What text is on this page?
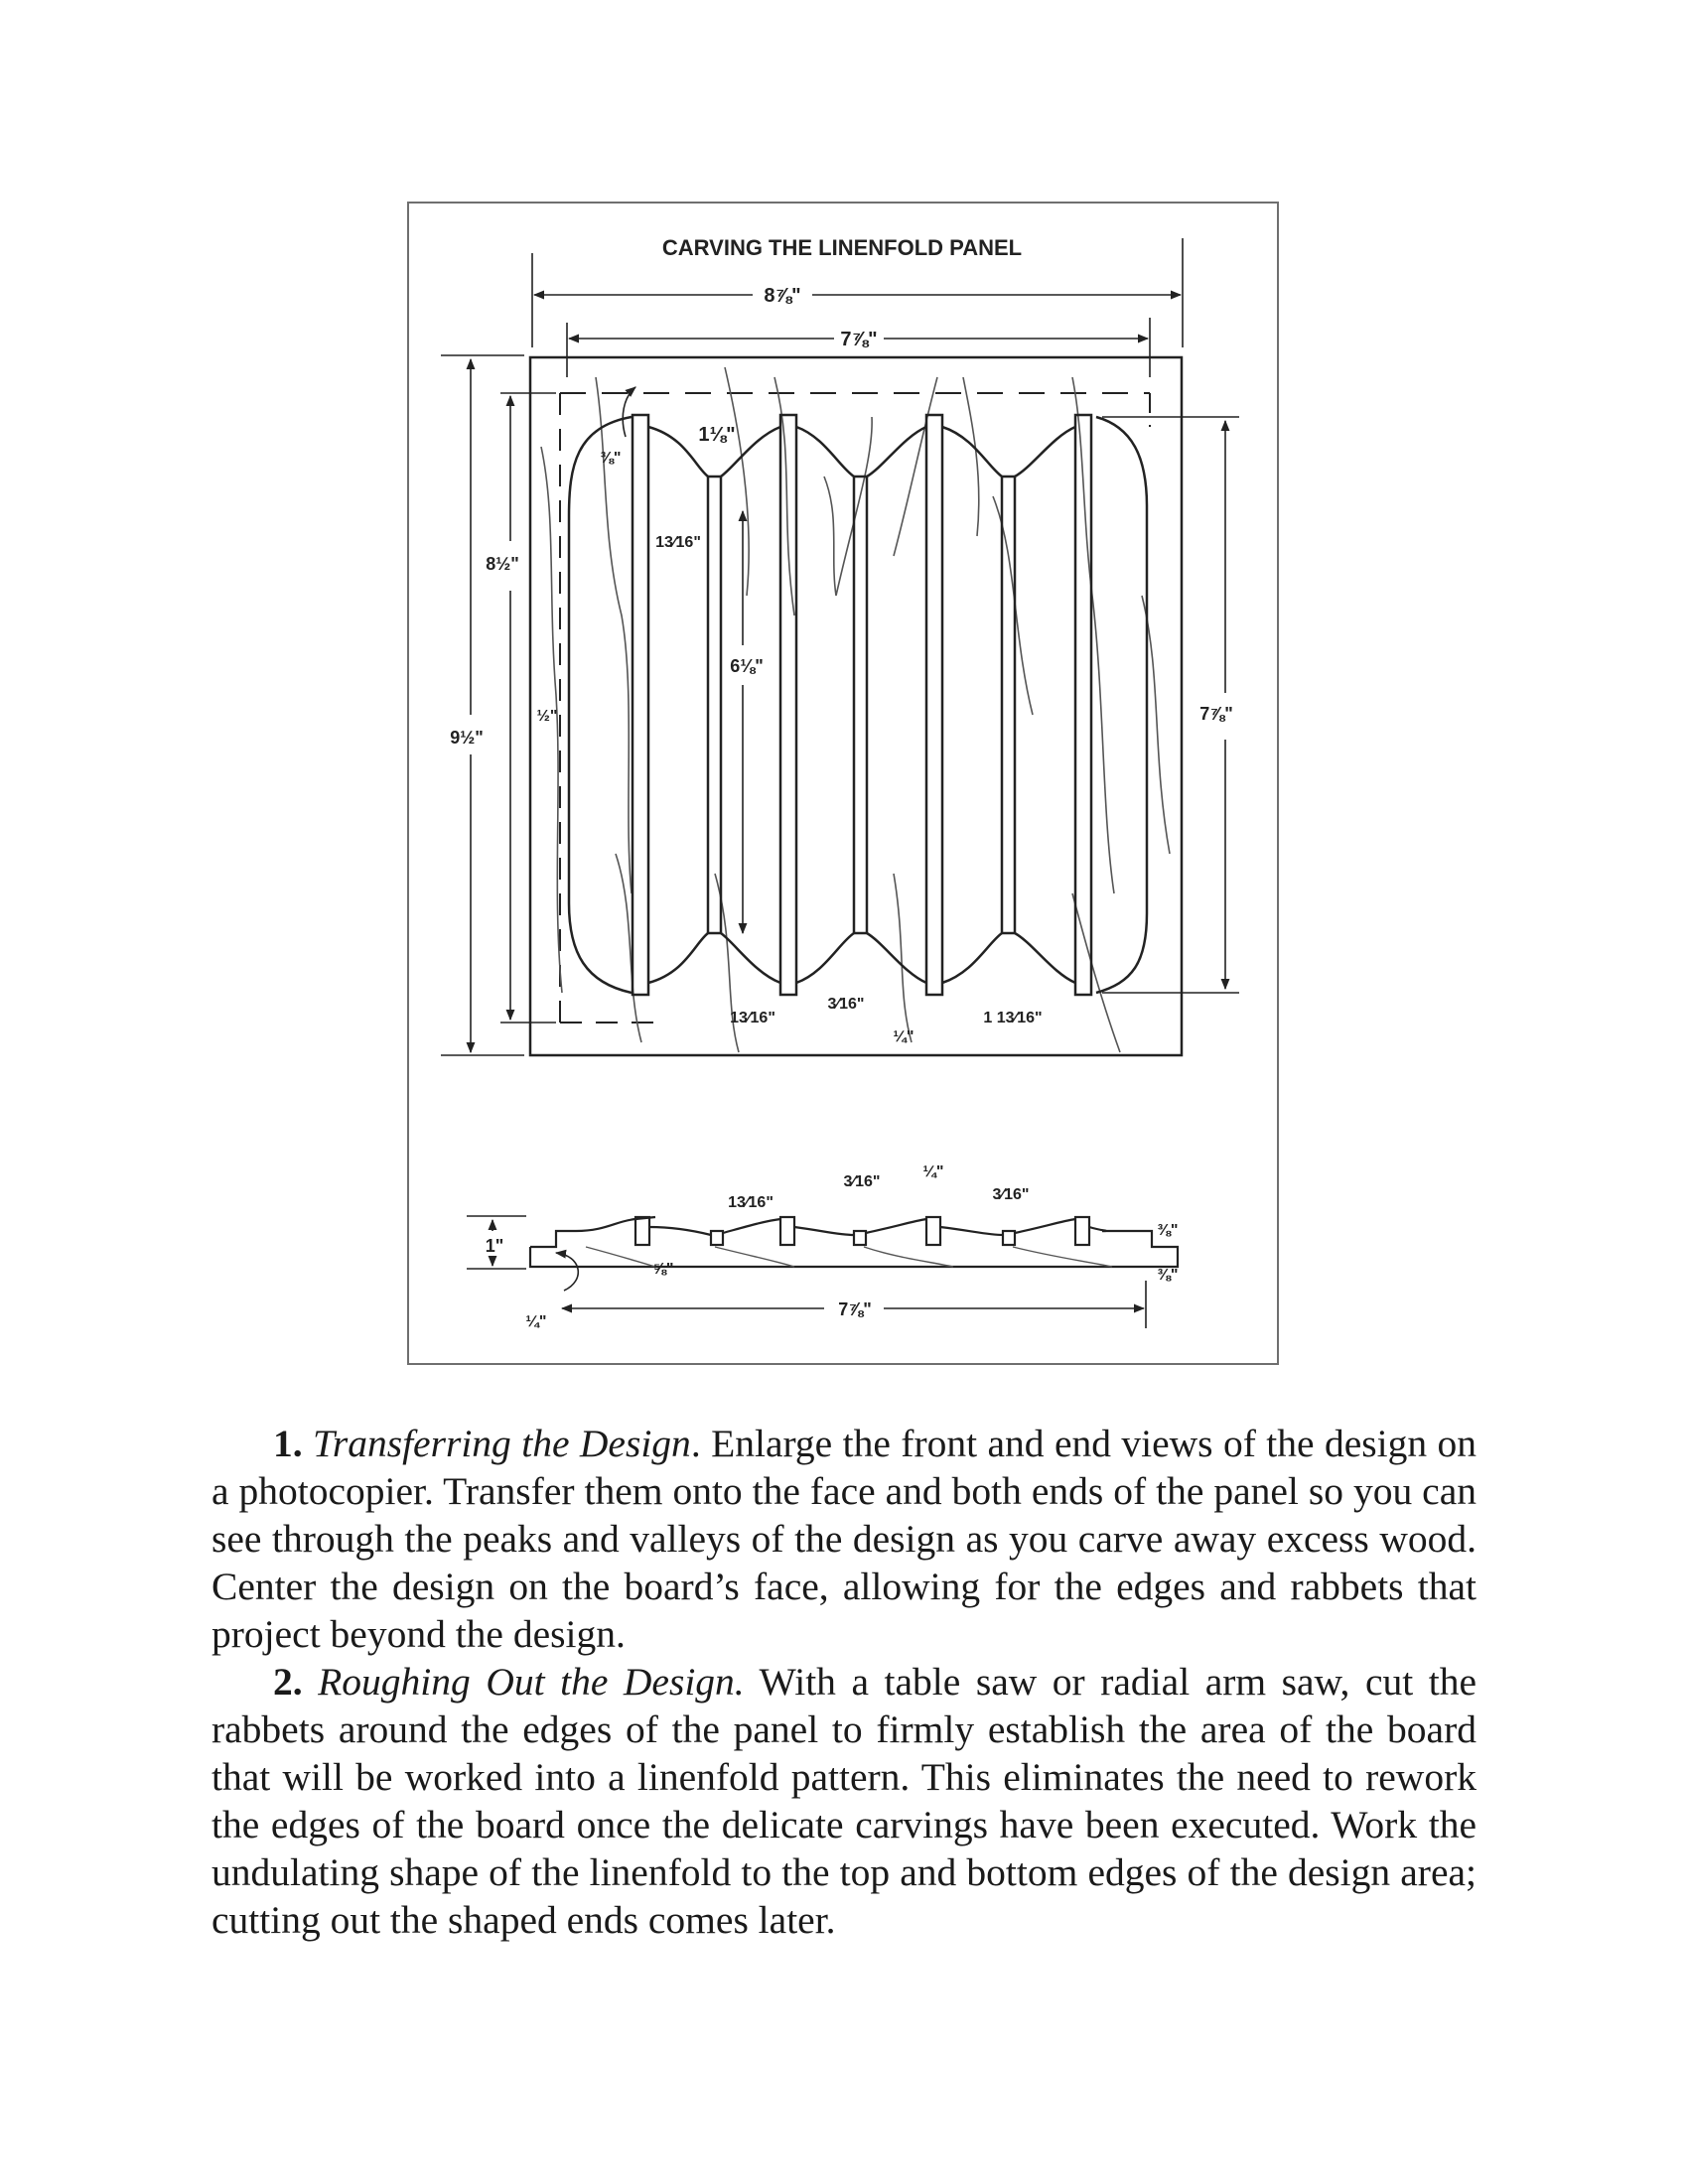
CARVING THE LINENFOLD PANEL
8⅞"
7⅞"
1⅛"
⅜"
8½"
13⁄16"
6⅛"
9½"
½"	7⅞"
13⁄16"
3⁄16"
¼"
1 13⁄16"
1"
13⁄16"
3⁄16"
¼"
3⁄16"
⅜"
⅜"
⅝"
¼"
7⅞"

1. Transferring the Design. Enlarge the front and end views of the design on a photocopier. Transfer them onto the face and both ends of the panel so you can see through the peaks and valleys of the design as you carve away excess wood. Center the design on the board’s face, allowing for the edges and rabbets that project beyond the design.

2. Roughing Out the Design. With a table saw or radial arm saw, cut the rabbets around the edges of the panel to firmly establish the area of the board that will be worked into a linenfold pattern. This eliminates the need to rework the edges of the board once the delicate carvings have been executed. Work the undulating shape of the linenfold to the top and bottom edges of the design area; cutting out the shaped ends comes later.
